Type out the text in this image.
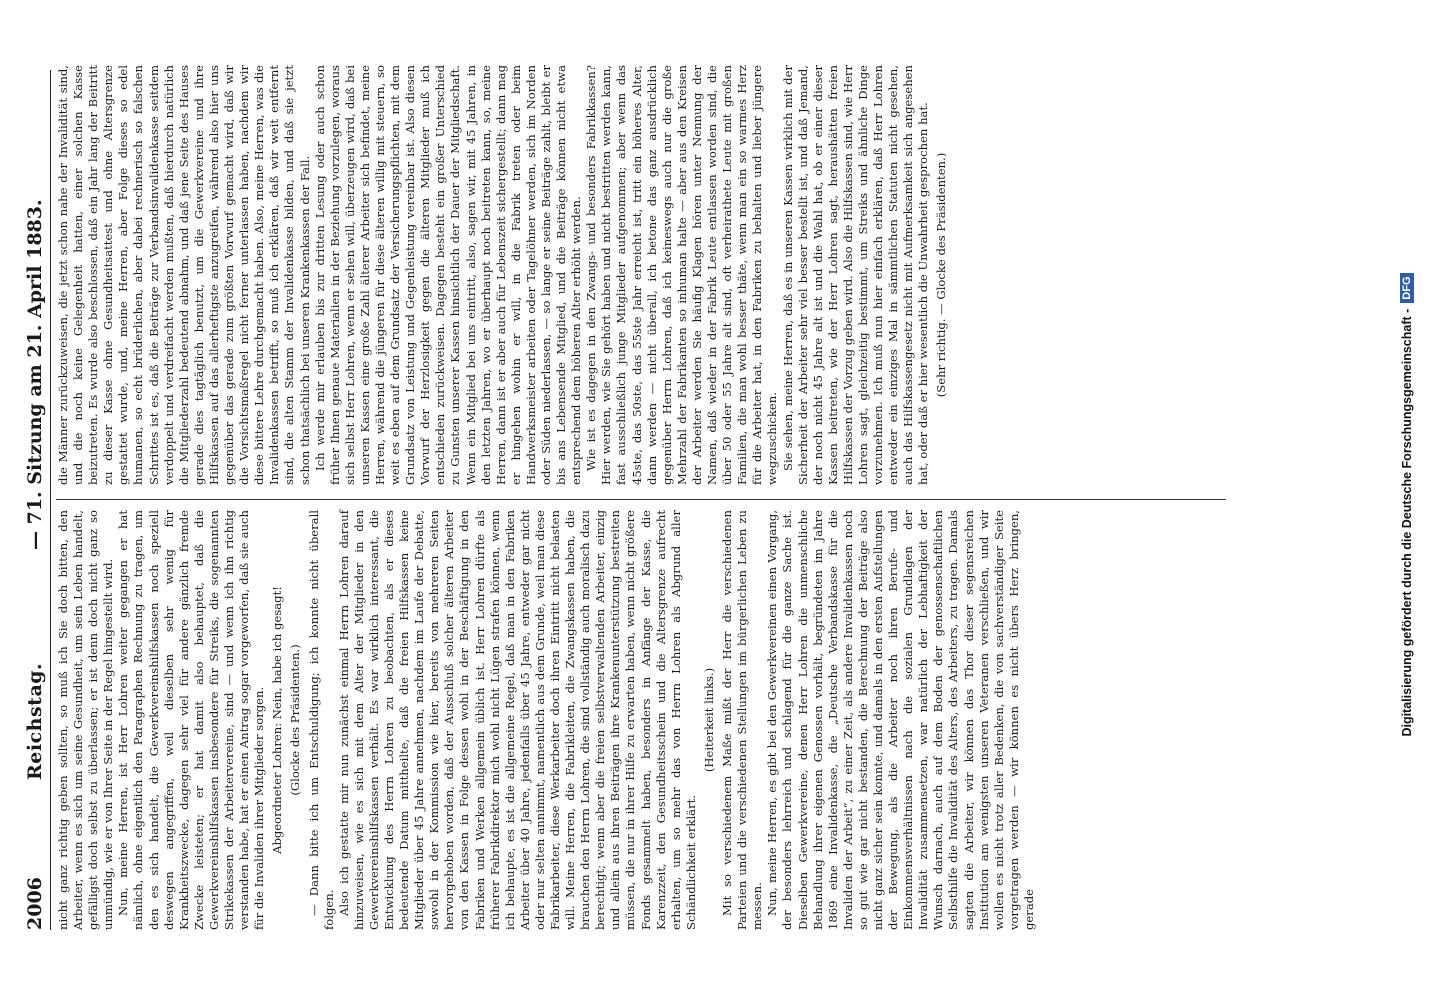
2006
Reichstag.
— 71. Sitzung am 21. April 1883.

nicht ganz richtig geben sollten, so muß ich Sie doch bitten, den Arbeiter, wenn es sich um seine Gesundheit, um sein Leben handelt, gefälligst doch selbst zu überlassen; er ist denn doch nicht ganz so unmündig, wie er von Ihrer Seite in der Regel hingestellt wird. Nun, meine Herren, ist Herr Lohren weiter gegangen er hat nämlich, ohne eigentlich den Paragraphen Rechnung zu tragen, um den es sich handelt, die Gewerkvereinshilfskassen noch speziell deswegen angegriffen, weil dieselben sehr wenig für Krankheitszwecke, dagegen sehr viel für andere gänzlich fremde Zwecke leisteten; er hat damit also behauptet, daß die Gewerkvereinshilfskassen insbesondere für Streiks, die sogenannten Strikekassen der Arbeitervereine, sind — und wenn ich ihn richtig verstanden habe, hat er einen Antrag sogar vorgeworfen, daß sie auch für die Invaliden ihrer Mitglieder sorgen. Abgeordneter Lohren: Nein, habe ich gesagt! (Glocke des Präsidenten.) — Dann bitte ich um Entschuldigung; ich konnte nicht überall folgen. Also ich gestatte mir nun zunächst einmal Herrn Lohren darauf hinzuweisen, wie es sich mit dem Alter der Mitglieder in den Gewerkvereinshilfskassen verhält. Es war wirklich interessant, die Entwicklung des Herrn Lohren zu beobachten, als er dieses bedeutende Datum mittheilte, daß die freien Hilfskassen keine Mitglieder über 45 Jahre annehmen, nachdem im Laufe der Debatte, sowohl in der Kommission wie hier, bereits von mehreren Seiten hervorgehoben worden, daß der Ausschluß solcher älteren Arbeiter von den Kassen in Folge dessen wohl in der Beschäftigung in den Fabriken und Werken allgemein üblich ist. Herr Lohren dürfte als früherer Fabrikdirektor mich wohl nicht Lügen strafen können, wenn ich behaupte, es ist die allgemeine Regel, daß man in den Fabriken Arbeiter über 40 Jahre, jedenfalls über 45 Jahre, entweder gar nicht oder nur selten annimmt, namentlich aus dem Grunde, weil man diese Fabrikarbeiter, diese Werkarbeiter doch ihren Eintritt nicht belasten will. Meine Herren, die Fabrikleiten, die Zwangskassen haben, die brauchen den Herrn Lohren, die sind vollständig auch moralisch dazu berechtigt; wenn aber die freien selbstverwaltenden Arbeiter, einzig und allein aus ihren Beiträgen ihre Krankenunterstützung bestreiten müssen, die nur in ihrer Hilfe zu erwarten haben, wenn nicht größere Fonds gesammelt haben, besonders in Anfänge der Kasse, die Karenzzeit, den Gesundheitsschein und die Altersgrenze aufrecht erhalten, um so mehr das von Herrn Lohren als Abgrund aller Schändlichkeit erklärt.

(Heiterkeit links.) Mit so verschiedenem Maße mißt der Herr die verschiedenen Parteien und die verschiedenen Stellungen im bürgerlichen Leben zu messen. Nun, meine Herren, es gibt bei den Gewerkvereinen einen Vorgang, der besonders lehrreich und schlagend für die ganze Sache ist. Dieselben Gewerkvereine, denen Herr Lohren die unmenschliche Behandlung ihrer eigenen Genossen vorhält, begründeten im Jahre 1869 eine Invalidenkasse, die „Deutsche Verbandskasse für die Invaliden der Arbeit“, zu einer Zeit, als andere Invalidenkassen noch so gut wie gar nicht bestanden, die Berechnung der Beiträge also nicht ganz sicher sein konnte, und damals in den ersten Aufstellungen der Bewegung, als die Arbeiter noch ihren Berufe- und Einkommensverhältnissen nach die sozialen Grundlagen der Invalidität zusammensetzen, war natürlich der Lebhaftigkeit der Wunsch darnach, auch auf dem Boden der genossenschaftlichen Selbsthilfe die Invalidität des Alters, des Arbeiters, zu tragen. Damals sagten die Arbeiter, wir können das Thor dieser segensreichen Institution am wenigsten unseren Veteranen verschließen, und wir wollen es nicht trotz aller Bedenken, die von sachverständiger Seite vorgetragen werden — wir können es nicht übers Herz bringen, gerade

die Männer zurückzuweisen, die jetzt schon nahe der Invalidität sind, und die noch keine Gelegenheit hatten, einer solchen Kasse beizutreten. Es wurde also beschlossen, daß ein Jahr lang der Beitritt zu dieser Kasse ohne Gesundheitsattest und ohne Altersgrenze gestattet wurde, und, meine Herren, aber Folge dieses so edel humanen, so echt brüderlichen, aber dabei rechnerisch so falschen Schrittes ist es, daß die Beiträge zur Verbandsinvalidenkasse seitdem verdoppelt und verdreifacht werden mußten, daß hierdurch natürlich die Mitgliederzahl bedeutend abnahm, und daß jene Seite des Hauses gerade dies tagtäglich benutzt, um die Gewerkvereine und ihre Hilfskassen auf das allerheftigste anzugreifen, während also hier uns gegenüber das gerade zum größten Vorwurf gemacht wird, daß wir die Vorsichtsmaßregel nicht ferner unterlassen haben, nachdem wir diese bittere Lehre durchgemacht haben. Also, meine Herren, was die Invalidenkassen betrifft, so muß ich erklären, daß wir weit entfernt sind, die alten Stamm der Invalidenkasse bilden, und daß sie jetzt schon thatsächlich bei unseren Krankenkassen der Fall. Ich werde mir erlauben bis zur dritten Lesung oder auch schon früher Ihnen genaue Materialien in der Beziehung vorzulegen, woraus sich selbst Herr Lohren, wenn er sehen will, überzeugen wird, daß bei unseren Kassen eine große Zahl älterer Arbeiter sich befindet, meine Herren, während die jüngeren für diese älteren willig mit steuern, so weit es eben auf dem Grundsatz der Versicherungspflichten, mit dem Grundsatz von Leistung und Gegenleistung vereinbar ist. Also diesen Vorwurf der Herzlosigkeit gegen die älteren Mitglieder muß ich entschieden zurückweisen. Dagegen besteht ein großer Unterschied zu Gunsten unserer Kassen hinsichtlich der Dauer der Mitgliedschaft. Wenn ein Mitglied bei uns eintritt, also, sagen wir, mit 45 Jahren, in den letzten Jahren, wo er überhaupt noch beitreten kann, so, meine Herren, dann ist er aber auch für Lebenszeit sichergestellt; dann mag er hingehen wohin er will, in die Fabrik treten oder beim Handwerksmeister arbeiten oder Tagelöhner werden, sich im Norden oder Süden niederlassen, — so lange er seine Beiträge zahlt, bleibt er bis ans Lebensende Mitglied, und die Beiträge können nicht etwa entsprechend dem höheren Alter erhöht werden. Wie ist es dagegen in den Zwangs- und besonders Fabrikkassen? Hier werden, wie Sie gehört haben und nicht bestritten werden kann, fast ausschließlich junge Mitglieder aufgenommen; aber wenn das 45ste, das 50ste, das 55ste Jahr erreicht ist, tritt ein höheres Alter, dann werden — nicht überall, ich betone das ganz ausdrücklich gegenüber Herrn Lohren, daß ich keineswegs auch nur die große Mehrzahl der Fabrikanten so inhuman halte — aber aus den Kreisen der Arbeiter werden Sie häufig Klagen hören unter Nennung der Namen, daß wieder in der Fabrik Leute entlassen worden sind, die über 50 oder 55 Jahre alt sind, oft verheirathete Leute mit großen Familien, die man wohl besser thäte, wenn man ein so warmes Herz für die Arbeiter hat, in den Fabriken zu behalten und lieber jüngere wegzuschicken. Sie sehen, meine Herren, daß es in unseren Kassen wirklich mit der Sicherheit der Arbeiter sehr viel besser bestellt ist, und daß Jemand, der noch nicht 45 Jahre alt ist und die Wahl hat, ob er einer dieser Kassen beitreten, wie der Herr Lohren sagt, heraushätten freien Hilfskassen der Vorzug geben wird. Also die Hilfskassen sind, wie Herr Lohren sagt, gleichzeitig bestimmt, um Streiks und ähnliche Dinge vorzunehmen. Ich muß nun hier einfach erklären, daß Herr Lohren entweder ein einziges Mal in sämmtlichen Statuten nicht gesehen, auch das Hilfskassengesetz nicht mit Aufmerksamkeit sich angesehen hat, oder daß er hier wesentlich die Unwahrheit gesprochen hat. (Sehr richtig. — Glocke des Präsidenten.)

Digitalisierung gefördert durch die Deutsche Forschungsgemeinschaft -
DFG
